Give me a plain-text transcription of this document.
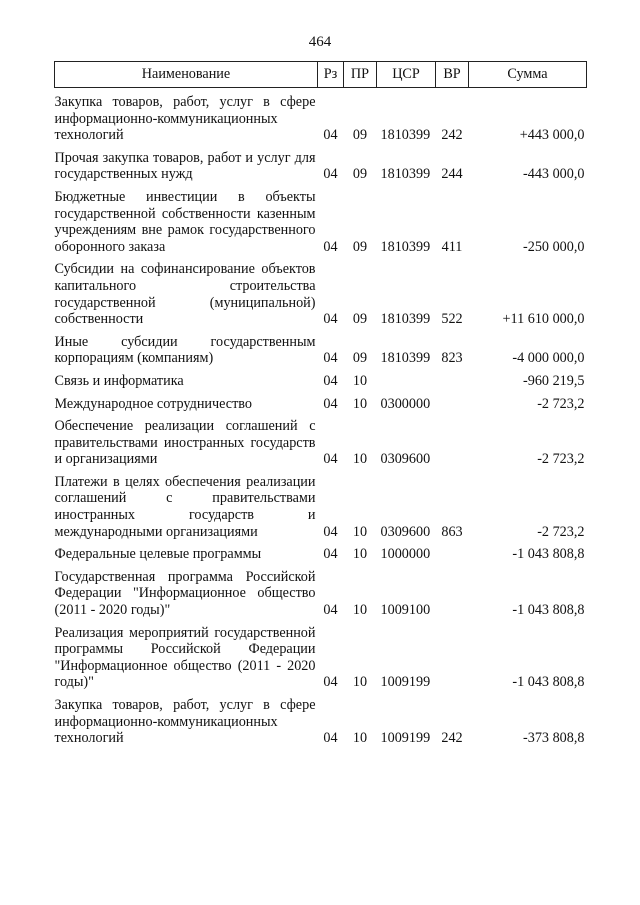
464
Наименование	Рз	ПР	ЦСР	ВР	Сумма
Закупка товаров, работ, услуг в сфере информационно-коммуникационных технологий	04	09	1810399	242	+443 000,0
Прочая закупка товаров, работ и услуг для государственных нужд	04	09	1810399	244	-443 000,0
Бюджетные инвестиции в объекты государственной собственности казенным учреждениям вне рамок государственного оборонного заказа	04	09	1810399	411	-250 000,0
Субсидии на софинансирование объектов капитального строительства государственной (муниципальной) собственности	04	09	1810399	522	+11 610 000,0
Иные субсидии государственным корпорациям (компаниям)	04	09	1810399	823	-4 000 000,0
Связь и информатика	04	10			-960 219,5
Международное сотрудничество	04	10	0300000		-2 723,2
Обеспечение реализации соглашений с правительствами иностранных государств и организациями	04	10	0309600		-2 723,2
Платежи в целях обеспечения реализации соглашений с правительствами иностранных государств и международными организациями	04	10	0309600	863	-2 723,2
Федеральные целевые программы	04	10	1000000		-1 043 808,8
Государственная программа Российской Федерации "Информационное общество (2011 - 2020 годы)"	04	10	1009100		-1 043 808,8
Реализация мероприятий государственной программы Российской Федерации "Информационное общество (2011 - 2020 годы)"	04	10	1009199		-1 043 808,8
Закупка товаров, работ, услуг в сфере информационно-коммуникационных технологий	04	10	1009199	242	-373 808,8
